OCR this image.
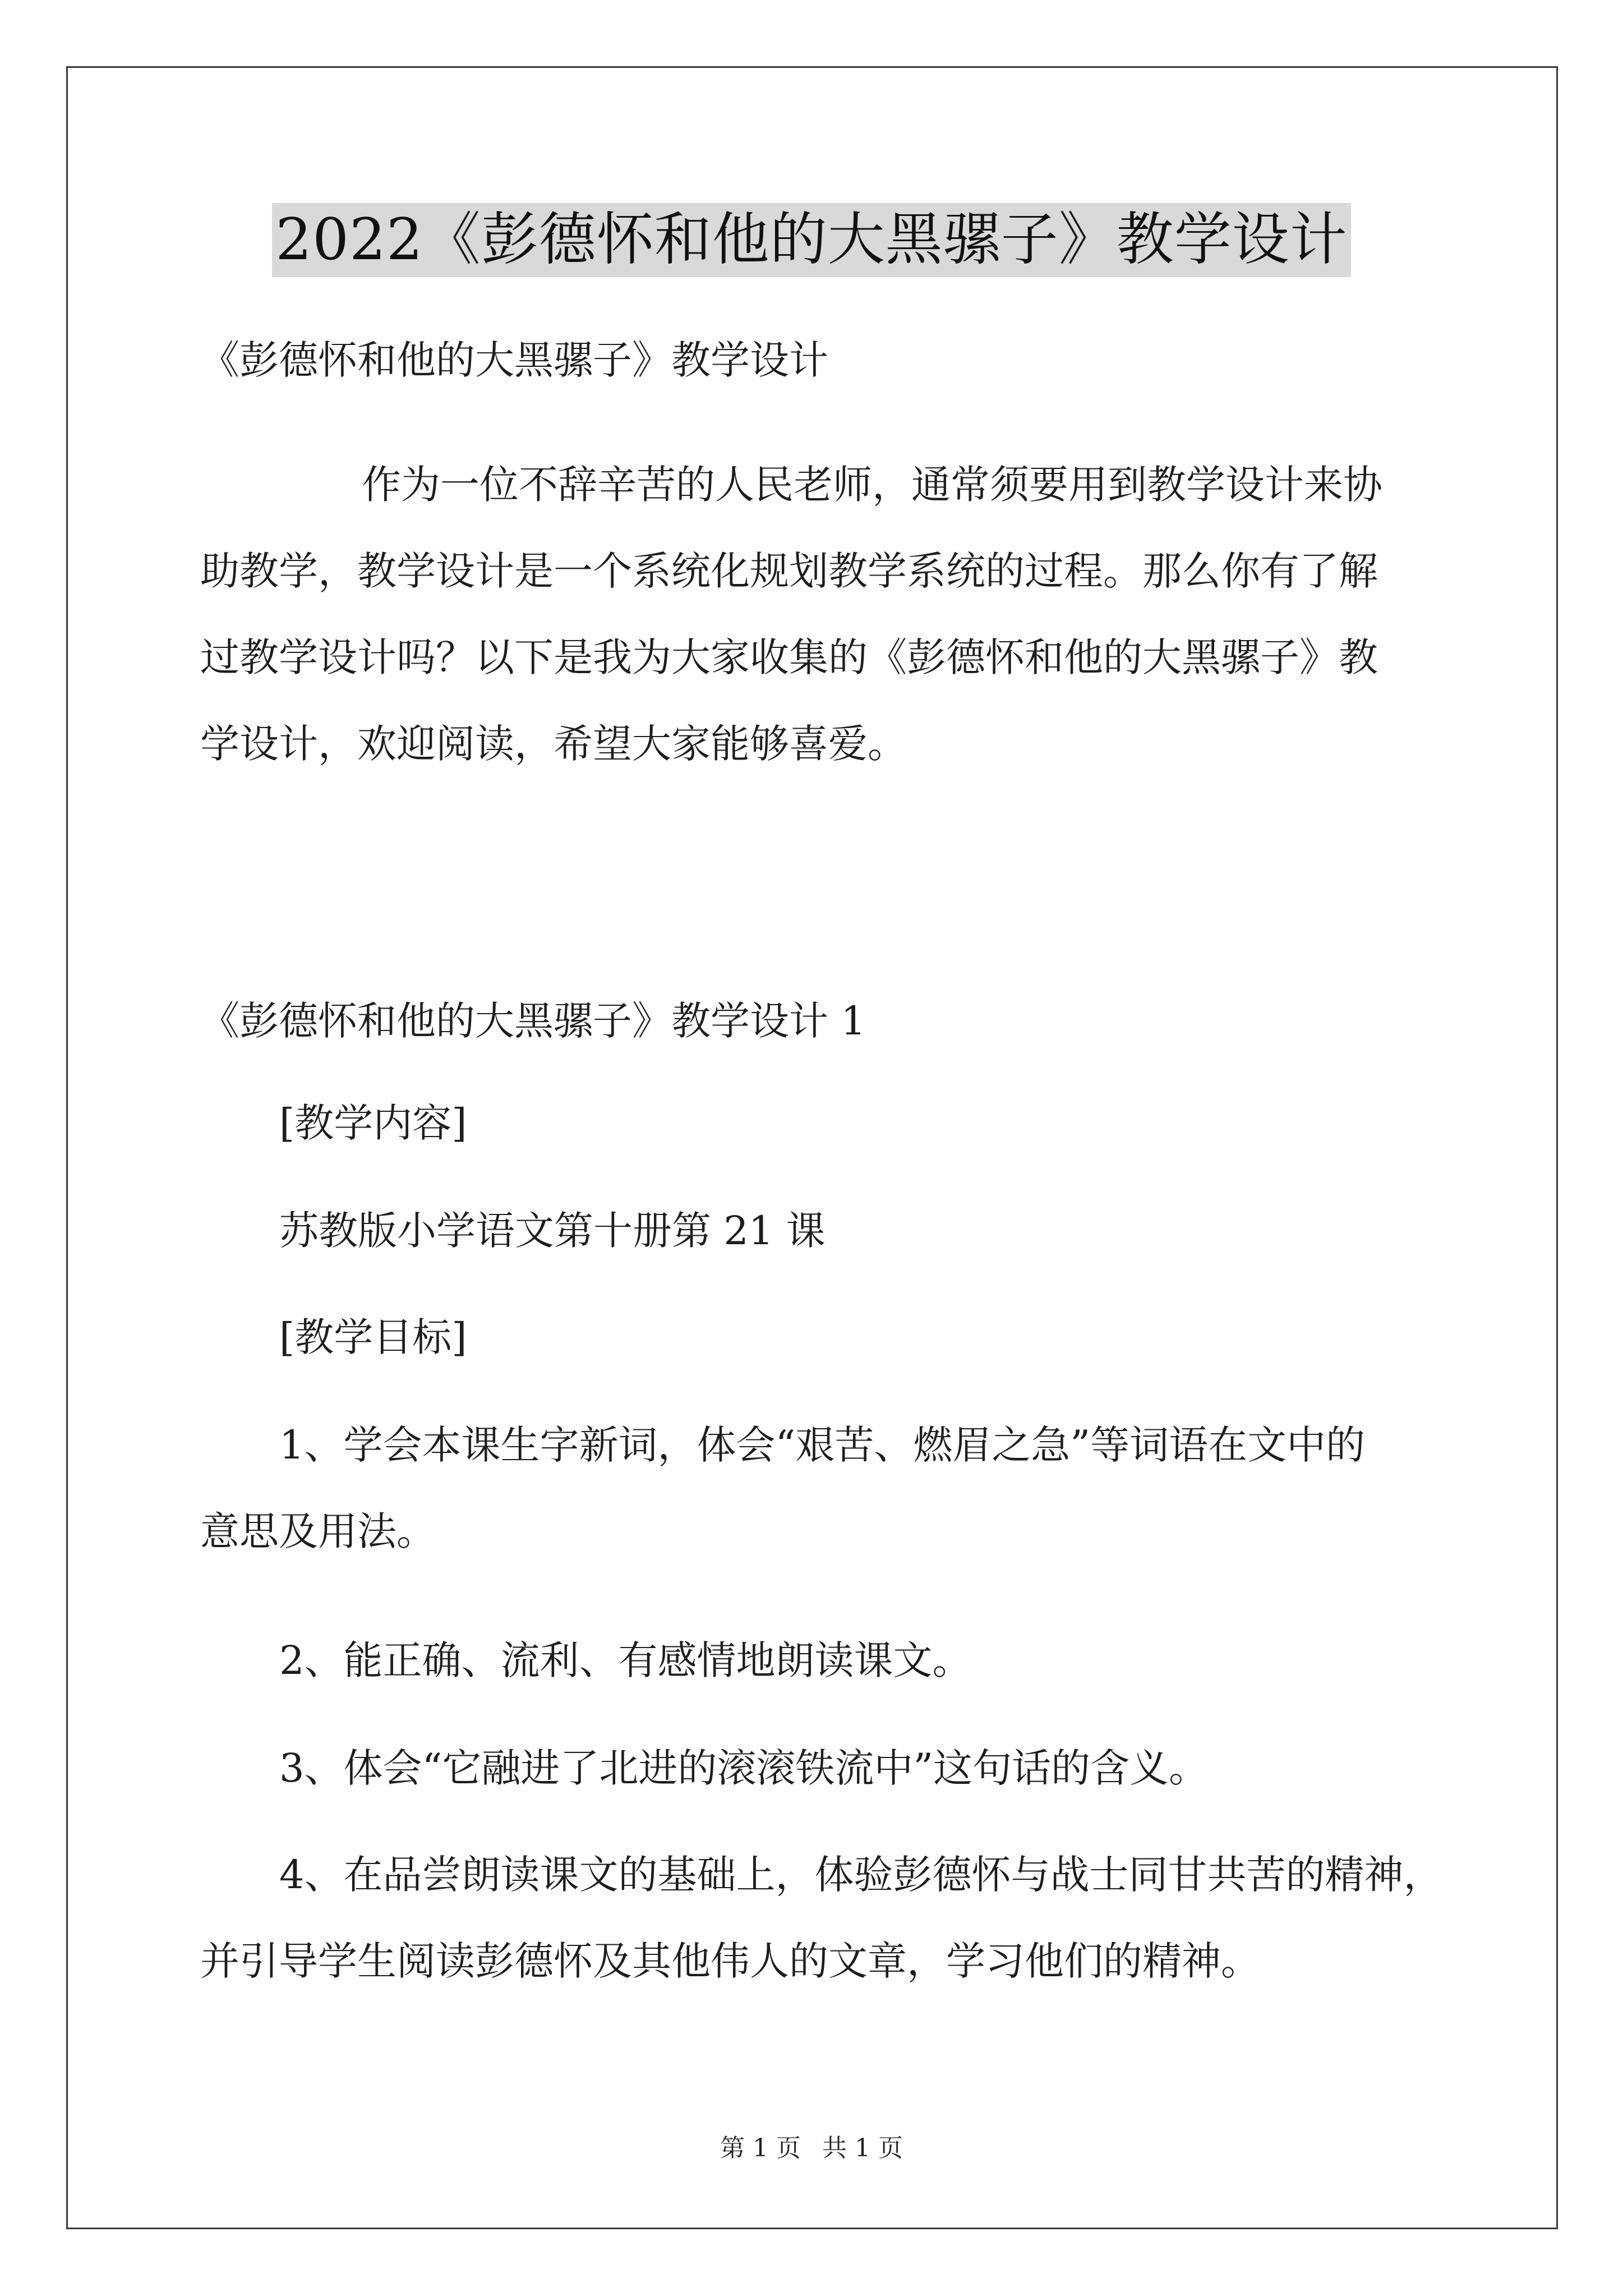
2022《彭德怀和他的大黑骡子》教学设计
《彭德怀和他的大黑骡子》教学设计
作为一位不辞辛苦的人民老师，通常须要用到教学设计来协
助教学，教学设计是一个系统化规划教学系统的过程。那么你有了解
过教学设计吗？以下是我为大家收集的《彭德怀和他的大黑骡子》教
学设计，欢迎阅读，希望大家能够喜爱。
《彭德怀和他的大黑骡子》教学设计 1
[教学内容]
苏教版小学语文第十册第 21 课
[教学目标]
1、学会本课生字新词，体会“艰苦、燃眉之急”等词语在文中的
意思及用法。
2、能正确、流利、有感情地朗读课文。
3、体会“它融进了北进的滚滚铁流中”这句话的含义。
4、在品尝朗读课文的基础上，体验彭德怀与战士同甘共苦的精神，
并引导学生阅读彭德怀及其他伟人的文章，学习他们的精神。
第 1 页 共 1 页
